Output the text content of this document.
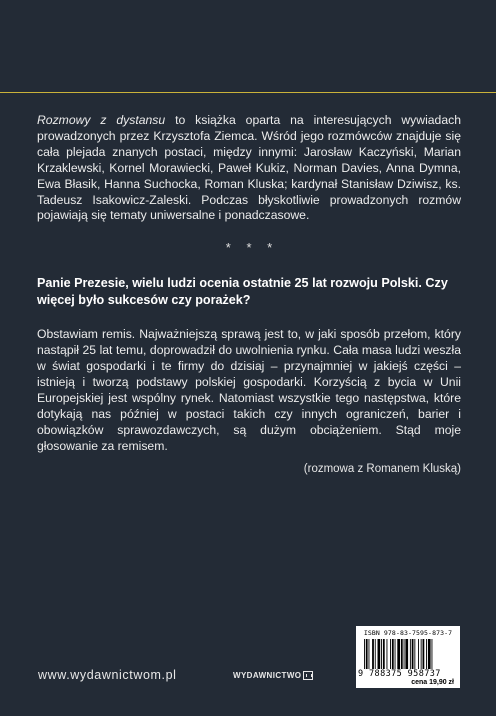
Rozmowy z dystansu to książka oparta na interesujących wywiadach prowadzonych przez Krzysztofa Ziemca. Wśród jego rozmówców znajduje się cała plejada znanych postaci, między innymi: Jarosław Kaczyński, Marian Krzaklewski, Kornel Morawiecki, Paweł Kukiz, Norman Davies, Anna Dymna, Ewa Błasik, Hanna Suchocka, Roman Kluska; kardynał Stanisław Dziwisz, ks. Tadeusz Isakowicz-Zaleski. Podczas błyskotliwie prowadzonych rozmów pojawiają się tematy uniwersalne i ponadczasowe.

* * *

Panie Prezesie, wielu ludzi ocenia ostatnie 25 lat rozwoju Polski. Czy więcej było sukcesów czy porażek?

Obstawiam remis. Najważniejszą sprawą jest to, w jaki sposób przełom, który nastąpił 25 lat temu, doprowadził do uwolnienia rynku. Cała masa ludzi weszła w świat gospodarki i te firmy do dzisiaj – przynajmniej w jakiejś części – istnieją i tworzą podstawy polskiej gospodarki. Korzyścią z bycia w Unii Europejskiej jest wspólny rynek. Natomiast wszystkie tego następstwa, które dotykają nas później w postaci takich czy innych ograniczeń, barier i obowiązków sprawozdawczych, są dużym obciążeniem. Stąd moje głosowanie za remisem.

(rozmowa z Romanem Kluską)
www.wydawnictwom.pl	WYDAWNICTWO
ISBN 978-83-7595-873-7
9 788375 958737
cena 19,90 zł
